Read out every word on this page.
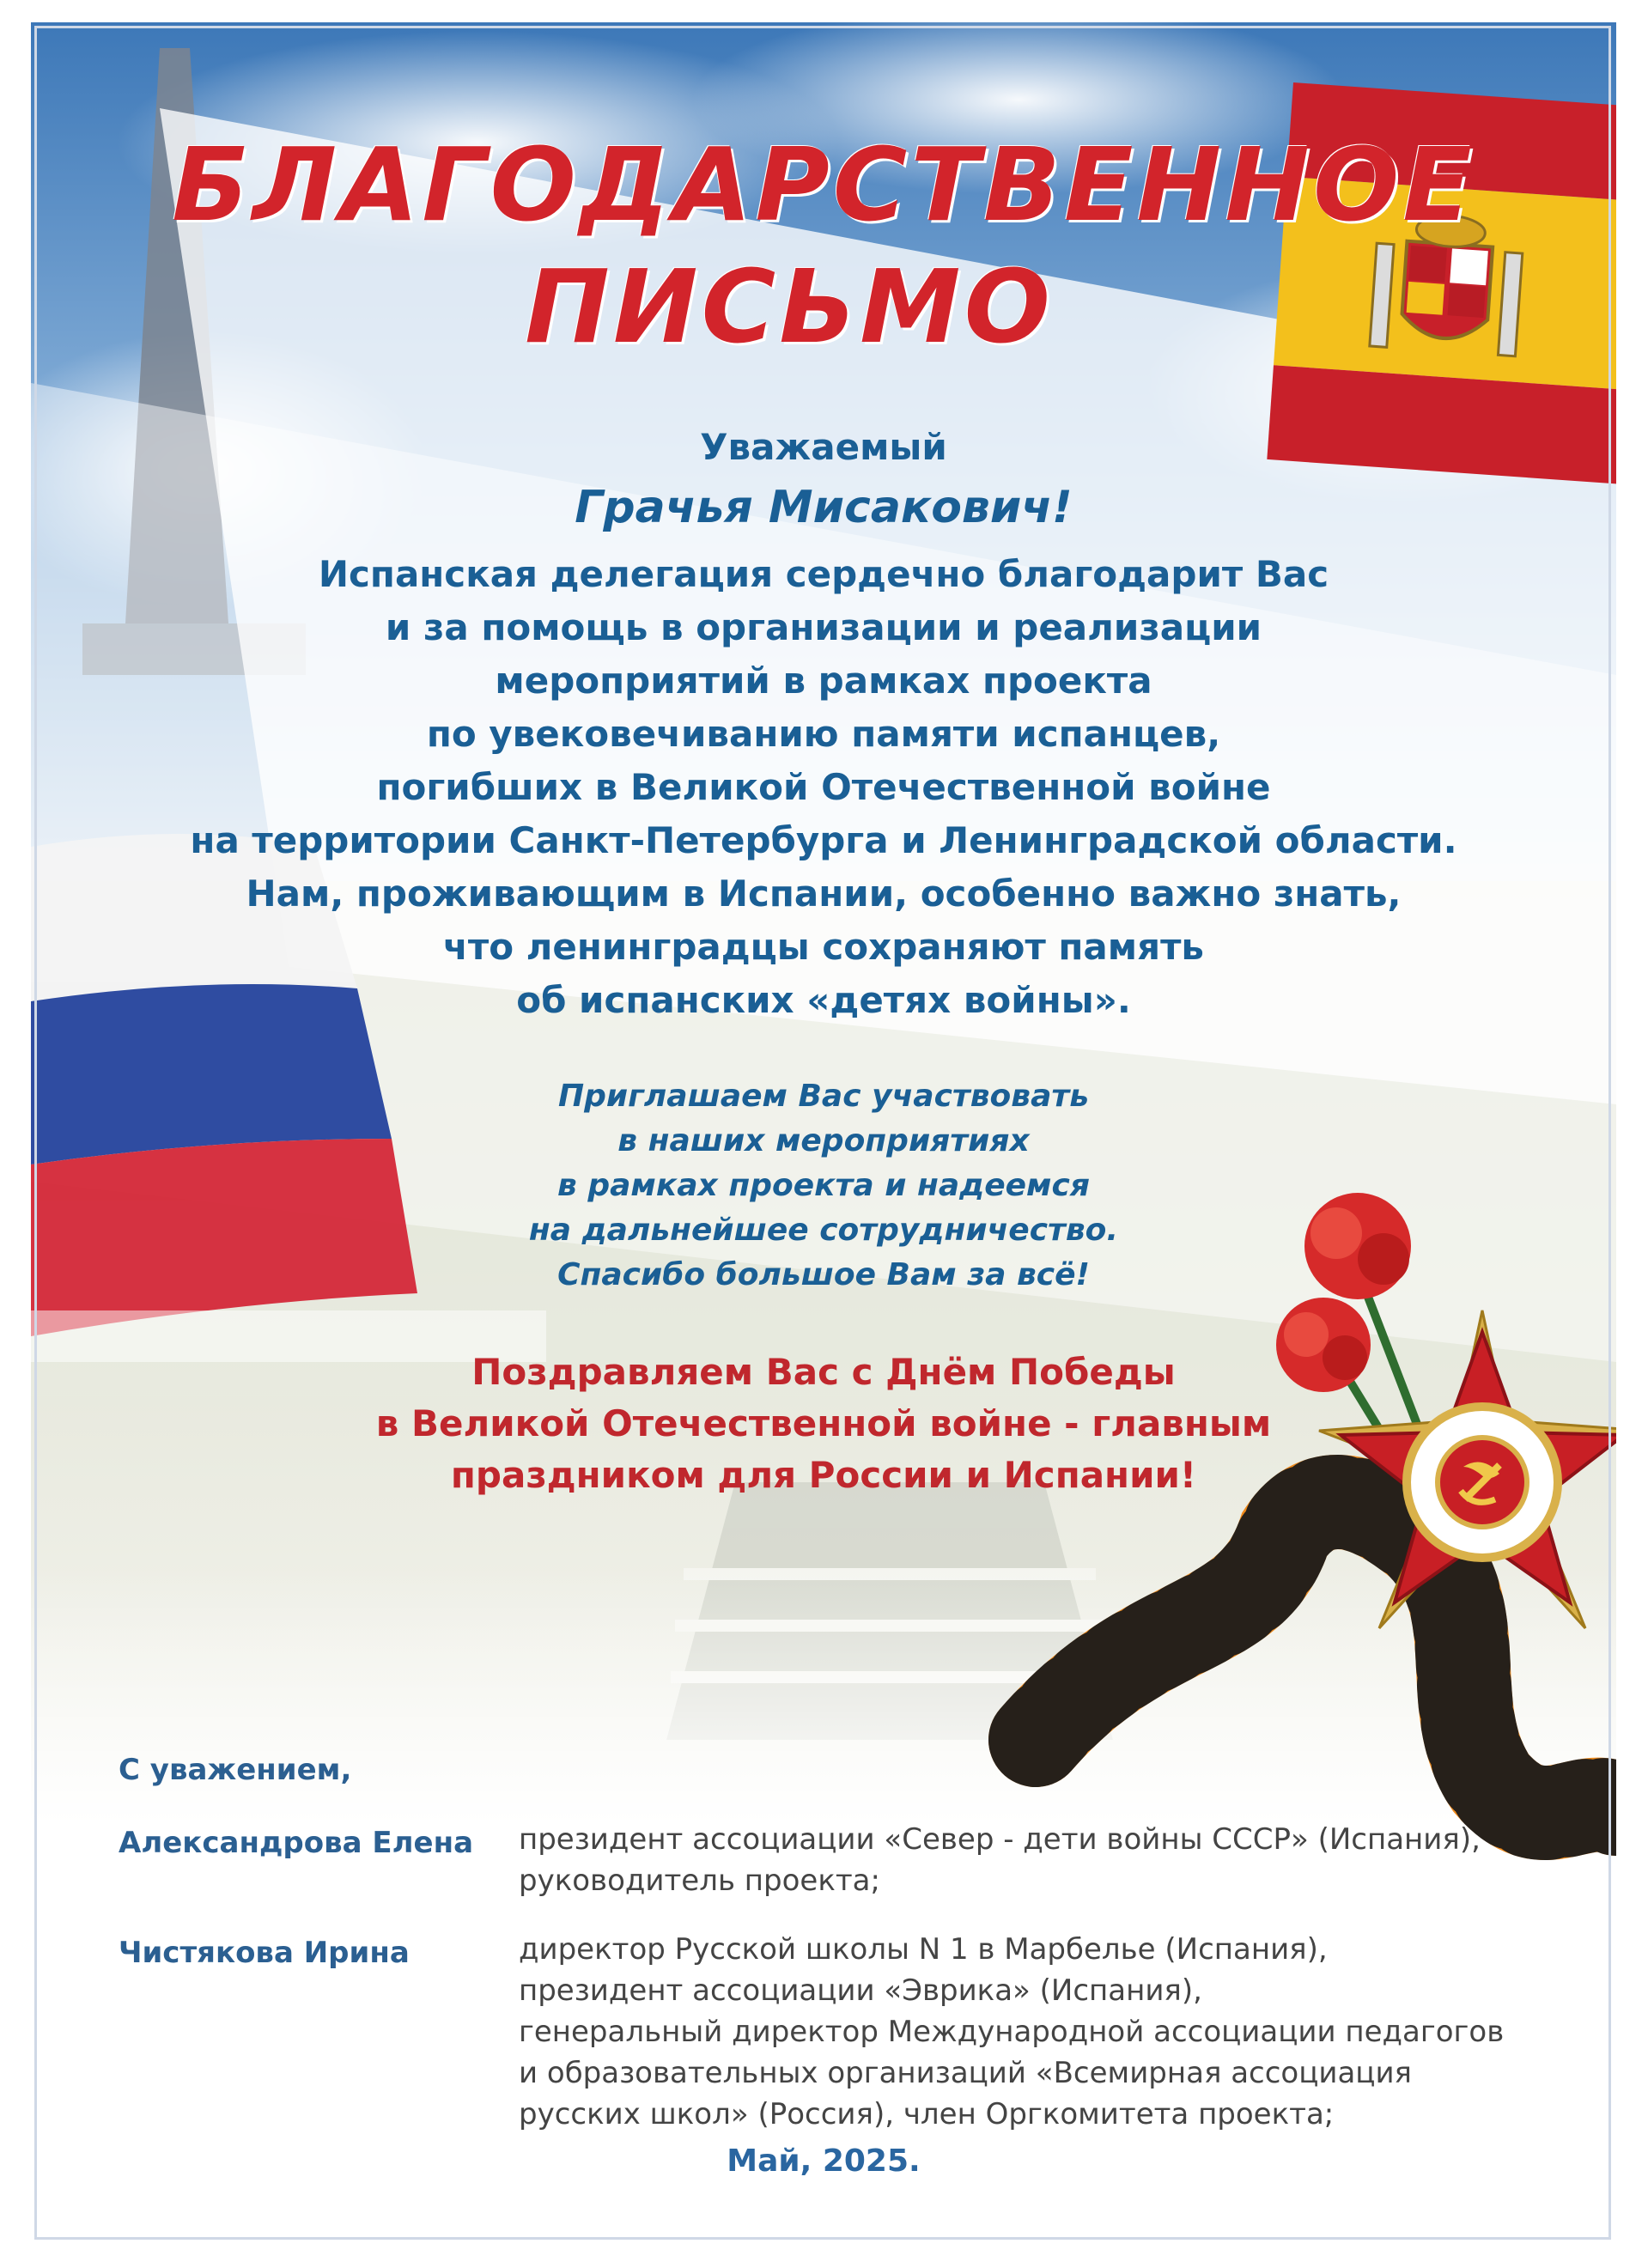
БЛАГОДАРСТВЕННОЕ
ПИСЬМО
Уважаемый
Грачья Мисакович!
Испанская делегация сердечно благодарит Вас
и за помощь в организации и реализации
мероприятий в рамках проекта
по увековечиванию памяти испанцев,
погибших в Великой Отечественной войне
на территории Санкт-Петербурга и Ленинградской области.
Нам, проживающим в Испании, особенно важно знать,
что ленинградцы сохраняют память
об испанских «детях войны».
Приглашаем Вас участвовать
в наших мероприятиях
в рамках проекта и надеемся
на дальнейшее сотрудничество.
Спасибо большое Вам за всё!
Поздравляем Вас с Днём Победы
в Великой Отечественной войне - главным
праздником для России и Испании!
С уважением,
Александрова Елена президент ассоциации «Север - дети войны СССР» (Испания),
руководитель проекта;
Чистякова Ирина	директор Русской школы N 1 в Марбелье (Испания),
президент ассоциации «Эврика» (Испания),
генеральный директор Международной ассоциации педагогов
и образовательных организаций «Всемирная ассоциация
русских школ» (Россия), член Оргкомитета проекта;
Май, 2025.
